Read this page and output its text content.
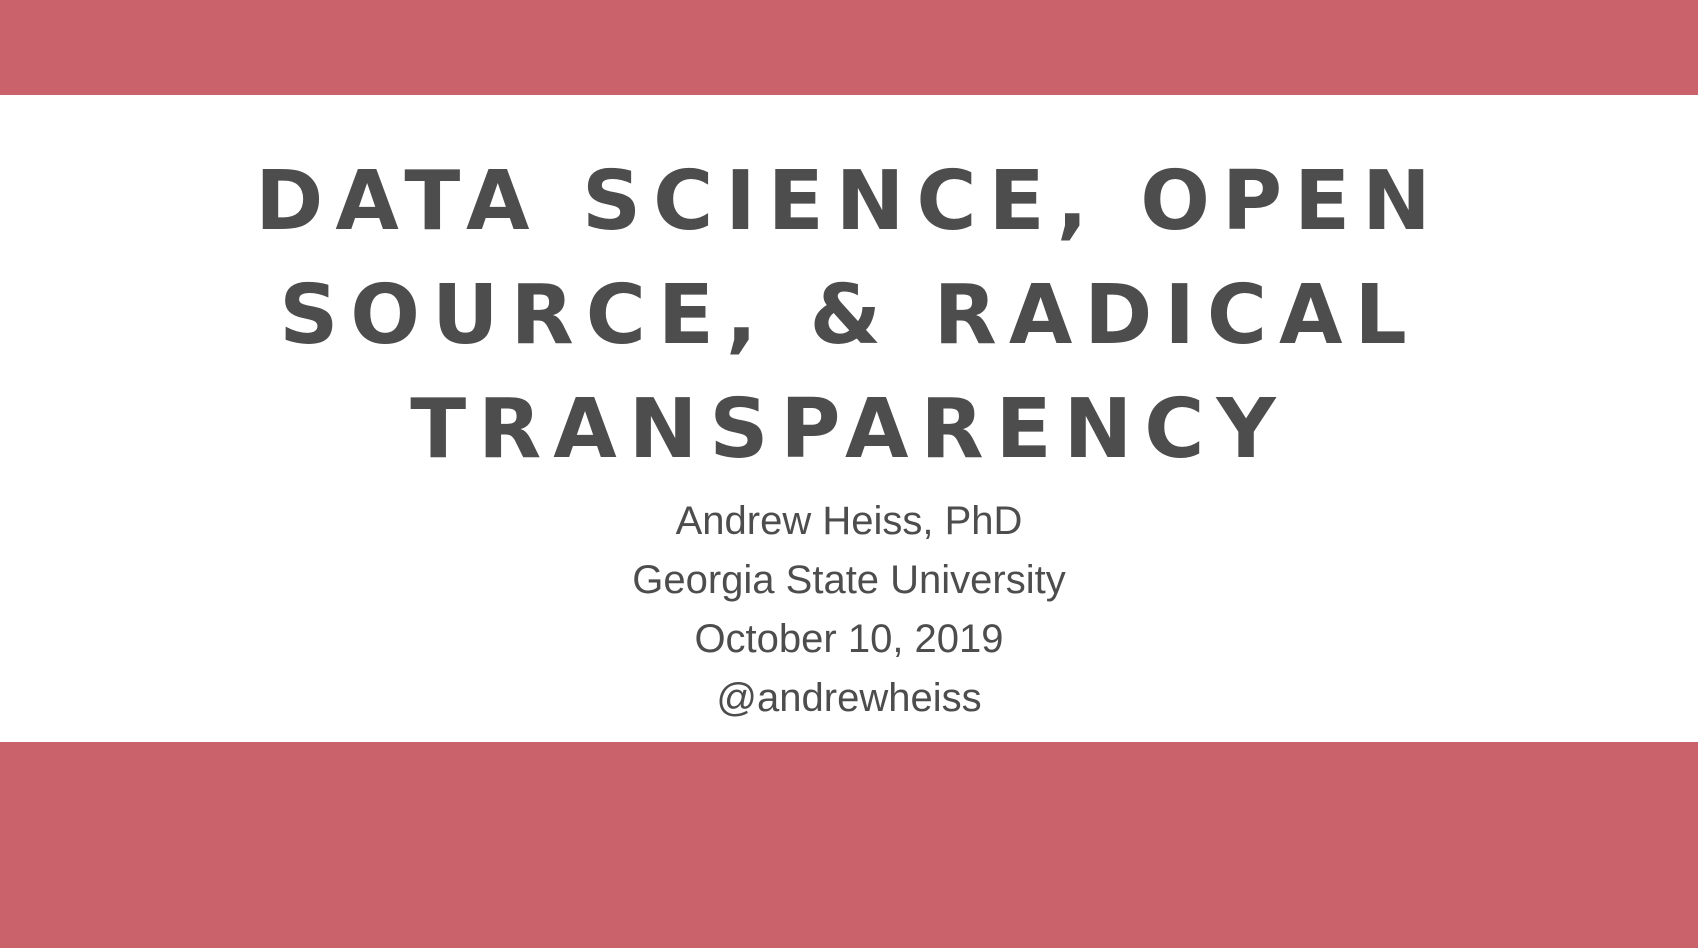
DATA SCIENCE, OPEN
SOURCE, & RADICAL
TRANSPARENCY
Andrew Heiss, PhD
Georgia State University
October 10, 2019
@andrewheiss
